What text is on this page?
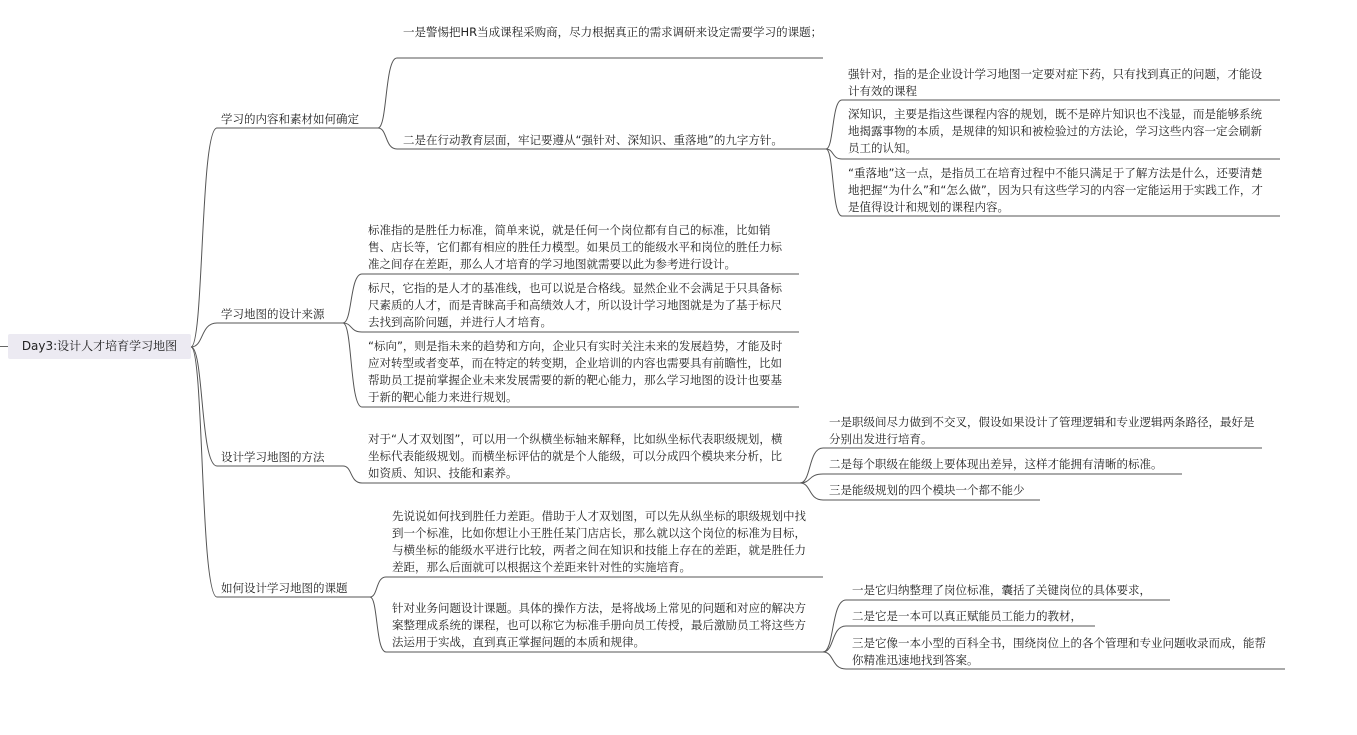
Day3:设计人才培育学习地图
学习的内容和素材如何确定
学习地图的设计来源
设计学习地图的方法
如何设计学习地图的课题
一是警惕把HR当成课程采购商，尽力根据真正的需求调研来设定需要学习的课题；
二是在行动教育层面，牢记要遵从“强针对、深知识、重落地”的九字方针。
强针对，指的是企业设计学习地图一定要对症下药，只有找到真正的问题，才能设计有效的课程
深知识，主要是指这些课程内容的规划，既不是碎片知识也不浅显，而是能够系统地揭露事物的本质，是规律的知识和被检验过的方法论，学习这些内容一定会刷新员工的认知。
“重落地”这一点，是指员工在培育过程中不能只满足于了解方法是什么，还要清楚地把握“为什么”和“怎么做”，因为只有这些学习的内容一定能运用于实践工作，才是值得设计和规划的课程内容。
标准指的是胜任力标准，简单来说，就是任何一个岗位都有自己的标准，比如销售、店长等，它们都有相应的胜任力模型。如果员工的能级水平和岗位的胜任力标准之间存在差距，那么人才培育的学习地图就需要以此为参考进行设计。
标尺，它指的是人才的基准线，也可以说是合格线。显然企业不会满足于只具备标尺素质的人才，而是青睐高手和高绩效人才，所以设计学习地图就是为了基于标尺去找到高阶问题，并进行人才培育。
“标向”，则是指未来的趋势和方向，企业只有实时关注未来的发展趋势，才能及时应对转型或者变革，而在特定的转变期，企业培训的内容也需要具有前瞻性，比如帮助员工提前掌握企业未来发展需要的新的靶心能力，那么学习地图的设计也要基于新的靶心能力来进行规划。
对于“人才双划图”，可以用一个纵横坐标轴来解释，比如纵坐标代表职级规划，横坐标代表能级规划。而横坐标评估的就是个人能级，可以分成四个模块来分析，比如资质、知识、技能和素养。
一是职级间尽力做到不交叉，假设如果设计了管理逻辑和专业逻辑两条路径，最好是分别出发进行培育。
二是每个职级在能级上要体现出差异，这样才能拥有清晰的标准。
三是能级规划的四个模块一个都不能少
先说说如何找到胜任力差距。借助于人才双划图，可以先从纵坐标的职级规划中找到一个标准，比如你想让小王胜任某门店店长，那么就以这个岗位的标准为目标，与横坐标的能级水平进行比较，两者之间在知识和技能上存在的差距，就是胜任力差距，那么后面就可以根据这个差距来针对性的实施培育。
针对业务问题设计课题。具体的操作方法，是将战场上常见的问题和对应的解决方案整理成系统的课程，也可以称它为标准手册向员工传授，最后激励员工将这些方法运用于实战，直到真正掌握问题的本质和规律。
一是它归纳整理了岗位标准，囊括了关键岗位的具体要求，
二是它是一本可以真正赋能员工能力的教材，
三是它像一本小型的百科全书，围绕岗位上的各个管理和专业问题收录而成，能帮你精准迅速地找到答案。
